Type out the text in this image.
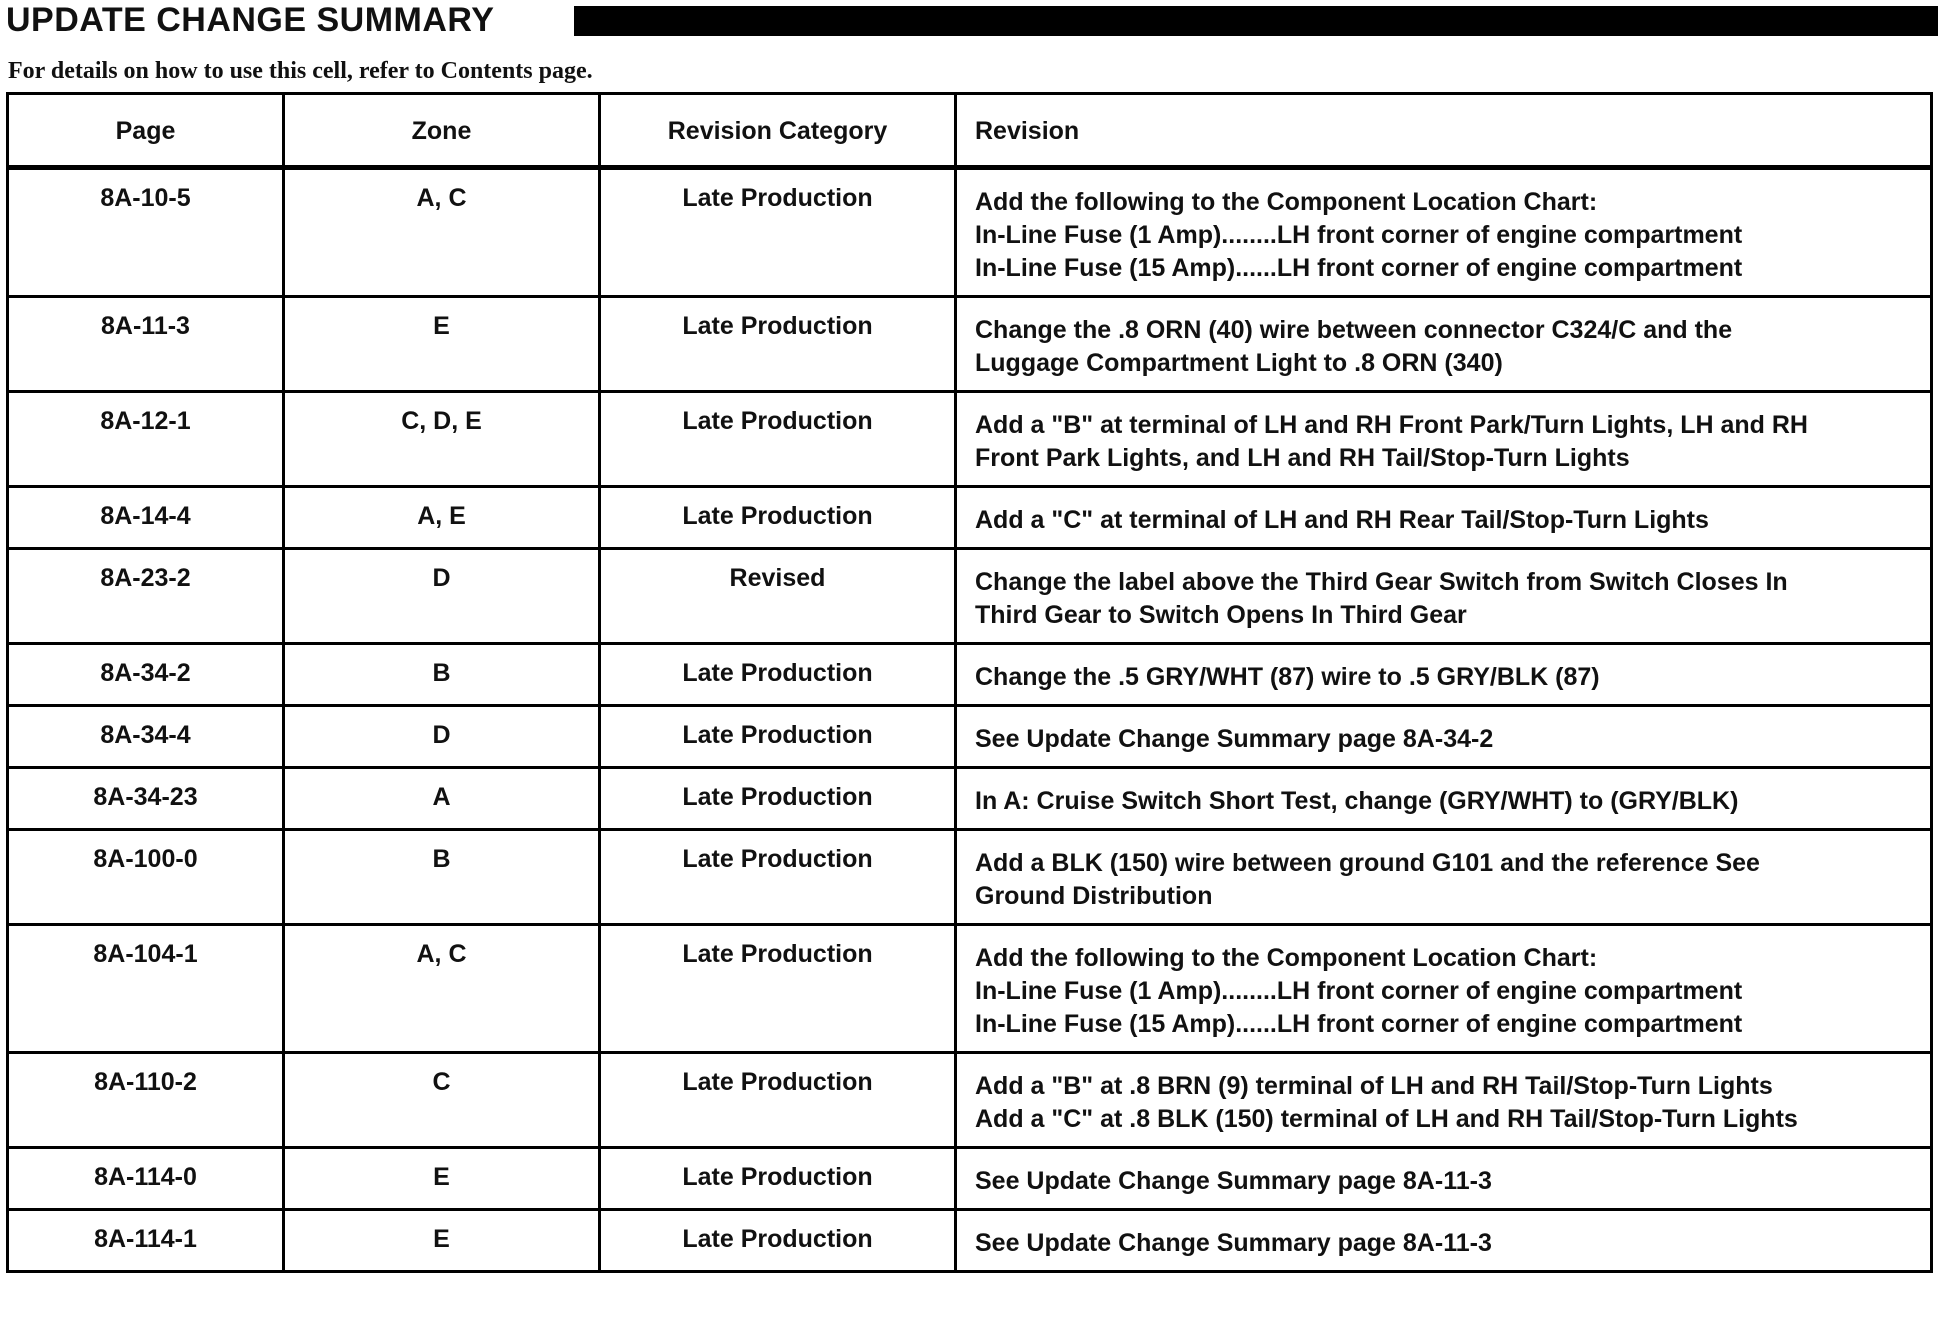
UPDATE CHANGE SUMMARY
For details on how to use this cell, refer to Contents page.
Page	Zone	Revision Category	Revision
8A-10-5	A, C	Late Production	Add the following to the Component Location Chart:
In-Line Fuse (1 Amp)........LH front corner of engine compartment
In-Line Fuse (15 Amp)......LH front corner of engine compartment

8A-11-3	E	Late Production	Change the .8 ORN (40) wire between connector C324/C and the
Luggage Compartment Light to .8 ORN (340)

8A-12-1	C, D, E	Late Production	Add a "B" at terminal of LH and RH Front Park/Turn Lights, LH and RH
Front Park Lights, and LH and RH Tail/Stop-Turn Lights

8A-14-4	A, E	Late Production	Add a "C" at terminal of LH and RH Rear Tail/Stop-Turn Lights

8A-23-2	D	Revised	Change the label above the Third Gear Switch from Switch Closes In
Third Gear to Switch Opens In Third Gear

8A-34-2	B	Late Production	Change the .5 GRY/WHT (87) wire to .5 GRY/BLK (87)

8A-34-4	D	Late Production	See Update Change Summary page 8A-34-2

8A-34-23	A	Late Production	In A: Cruise Switch Short Test, change (GRY/WHT) to (GRY/BLK)

8A-100-0	B	Late Production	Add a BLK (150) wire between ground G101 and the reference See
Ground Distribution

8A-104-1	A, C	Late Production	Add the following to the Component Location Chart:
In-Line Fuse (1 Amp)........LH front corner of engine compartment
In-Line Fuse (15 Amp)......LH front corner of engine compartment

8A-110-2	C	Late Production	Add a "B" at .8 BRN (9) terminal of LH and RH Tail/Stop-Turn Lights
Add a "C" at .8 BLK (150) terminal of LH and RH Tail/Stop-Turn Lights

8A-114-0	E	Late Production	See Update Change Summary page 8A-11-3

8A-114-1	E	Late Production	See Update Change Summary page 8A-11-3
